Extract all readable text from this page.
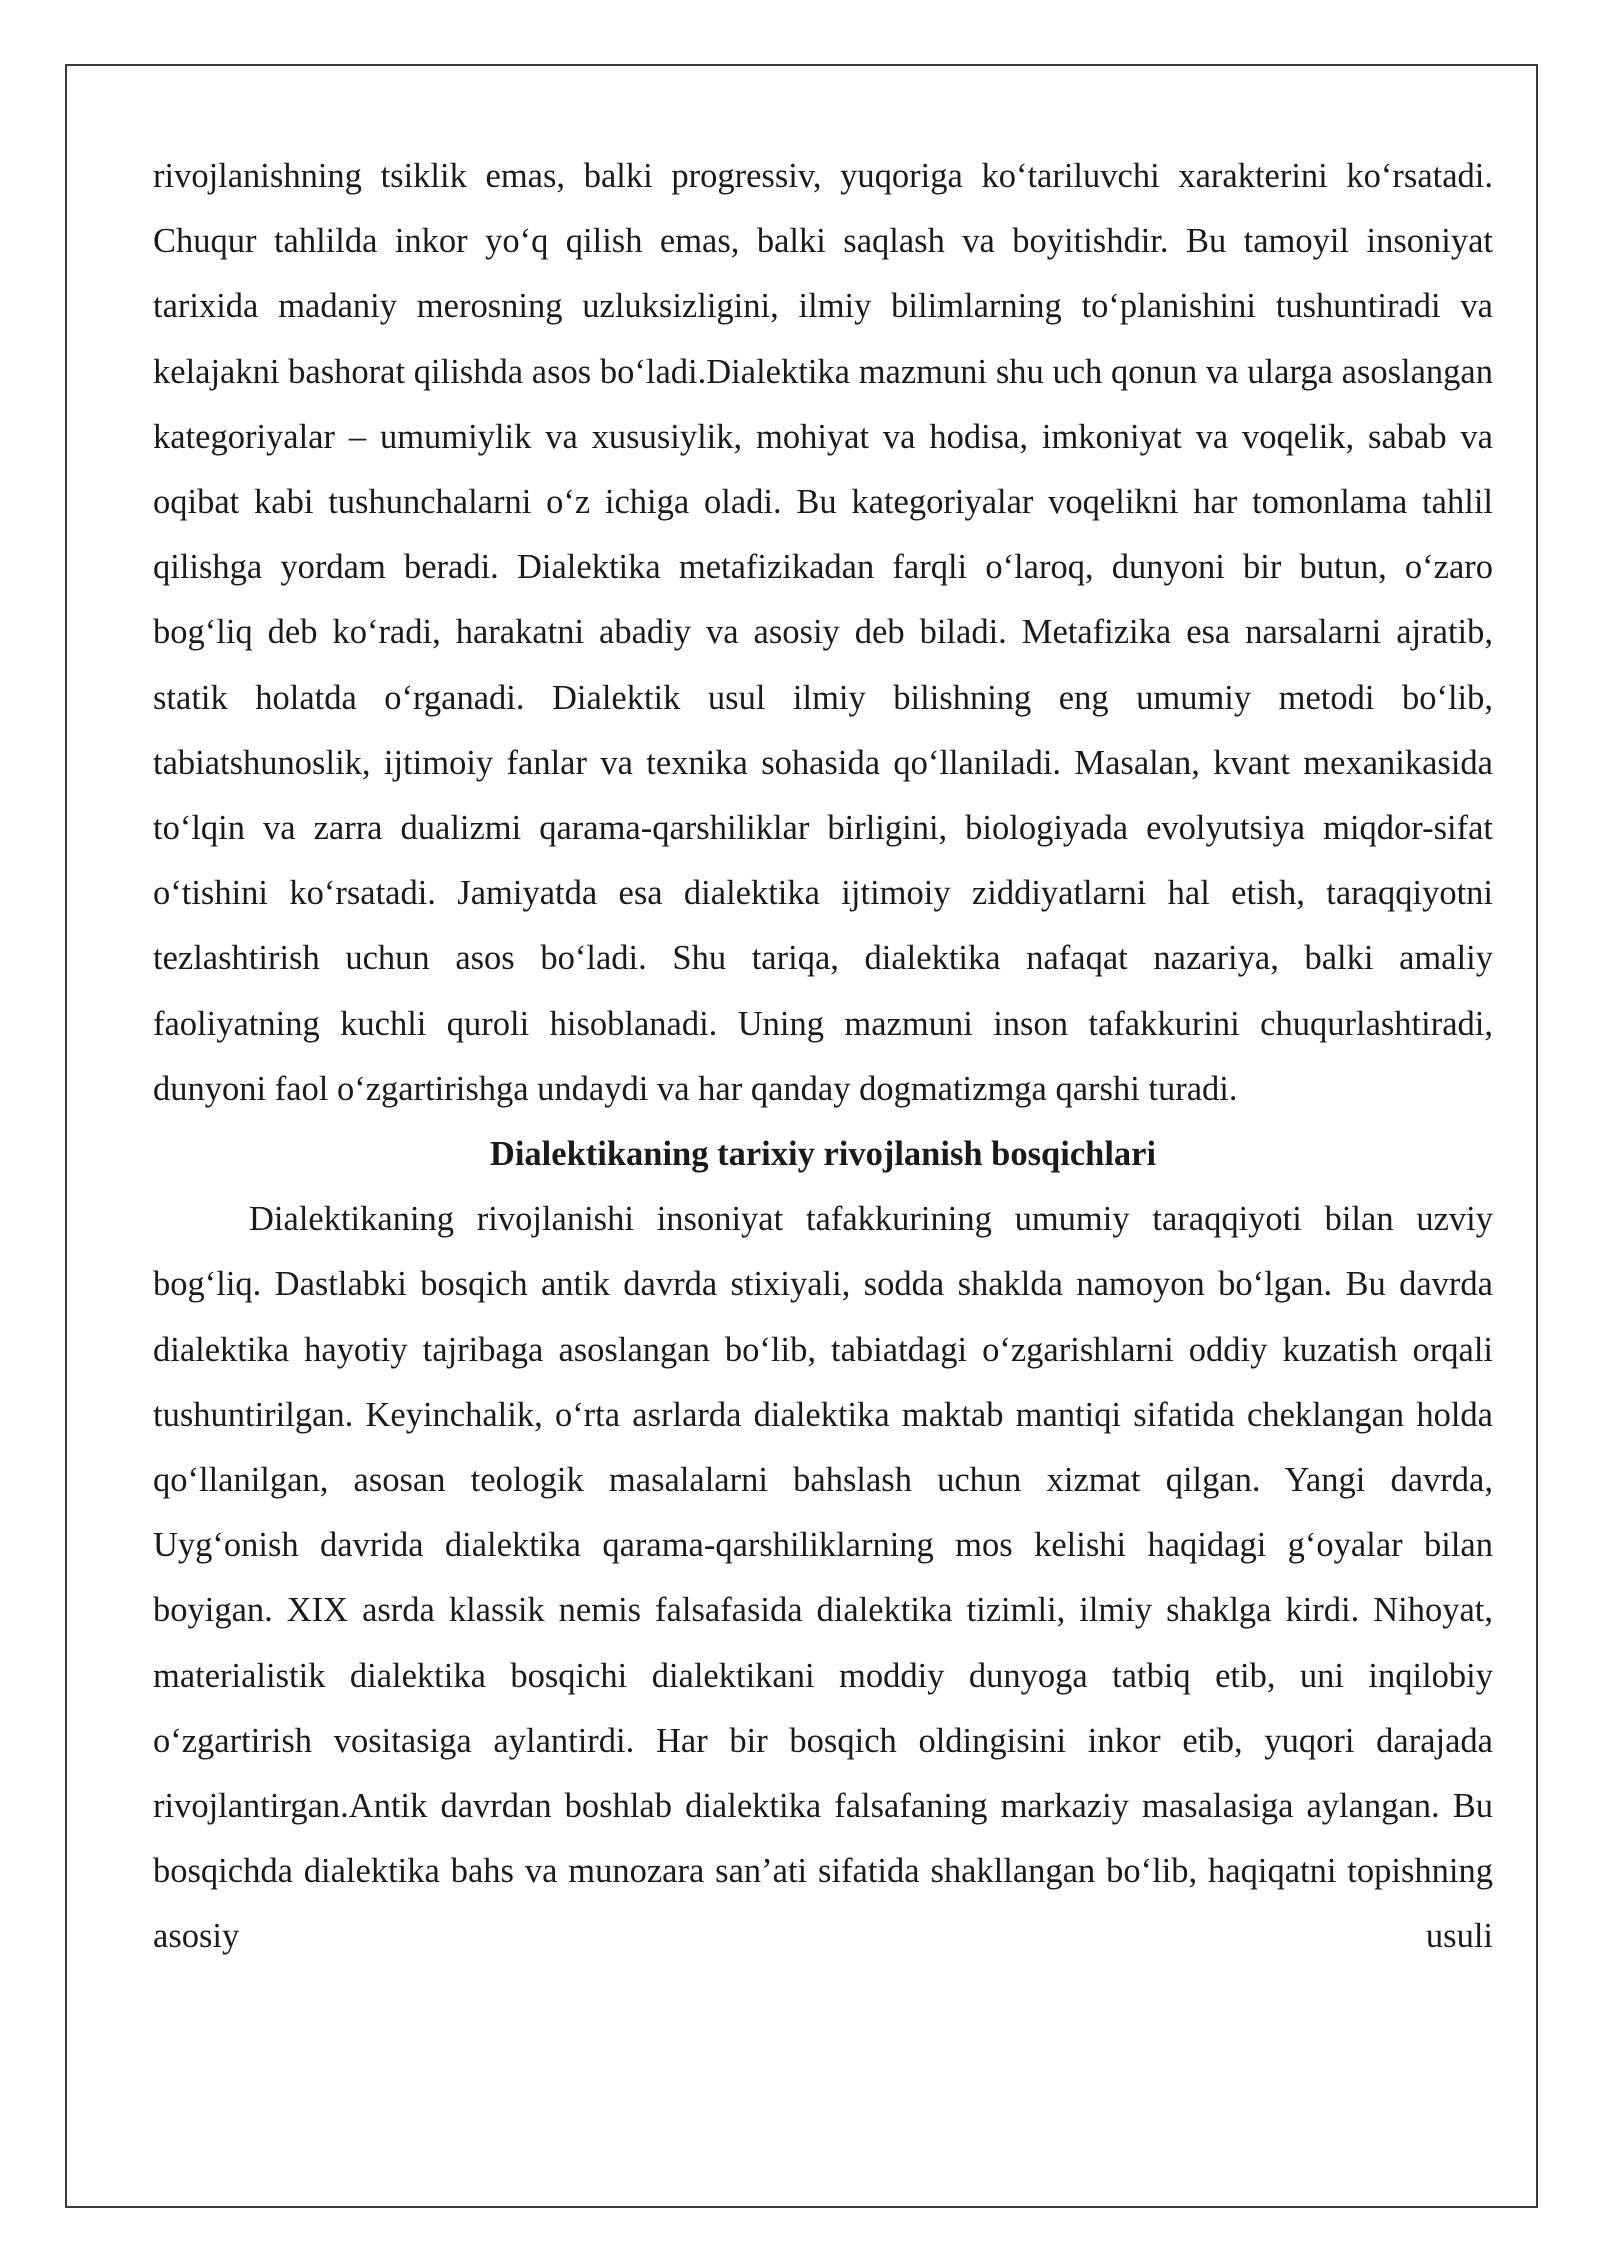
rivojlanishning tsiklik emas, balki progressiv, yuqoriga koʻtariluvchi xarakterini koʻrsatadi. Chuqur tahlilda inkor yoʻq qilish emas, balki saqlash va boyitishdir. Bu tamoyil insoniyat tarixida madaniy merosning uzluksizligini, ilmiy bilimlarning toʻplanishini tushuntiradi va kelajakni bashorat qilishda asos boʻladi.Dialektika mazmuni shu uch qonun va ularga asoslangan kategoriyalar – umumiylik va xususiylik, mohiyat va hodisa, imkoniyat va voqelik, sabab va oqibat kabi tushunchalarni oʻz ichiga oladi. Bu kategoriyalar voqelikni har tomonlama tahlil qilishga yordam beradi. Dialektika metafizikadan farqli oʻlaroq, dunyoni bir butun, oʻzaro bogʻliq deb koʻradi, harakatni abadiy va asosiy deb biladi. Metafizika esa narsalarni ajratib, statik holatda oʻrganadi. Dialektik usul ilmiy bilishning eng umumiy metodi boʻlib, tabiatshunoslik, ijtimoiy fanlar va texnika sohasida qoʻllaniladi. Masalan, kvant mexanikasida toʻlqin va zarra dualizmi qarama-qarshiliklar birligini, biologiyada evolyutsiya miqdor-sifat oʻtishini koʻrsatadi. Jamiyatda esa dialektika ijtimoiy ziddiyatlarni hal etish, taraqqiyotni tezlashtirish uchun asos boʻladi. Shu tariqa, dialektika nafaqat nazariya, balki amaliy faoliyatning kuchli quroli hisoblanadi. Uning mazmuni inson tafakkurini chuqurlashtiradi, dunyoni faol oʻzgartirishga undaydi va har qanday dogmatizmga qarshi turadi.

Dialektikaning tarixiy rivojlanish bosqichlari

Dialektikaning rivojlanishi insoniyat tafakkurining umumiy taraqqiyoti bilan uzviy bogʻliq. Dastlabki bosqich antik davrda stixiyali, sodda shaklda namoyon boʻlgan. Bu davrda dialektika hayotiy tajribaga asoslangan boʻlib, tabiatdagi oʻzgarishlarni oddiy kuzatish orqali tushuntirilgan. Keyinchalik, oʻrta asrlarda dialektika maktab mantiqi sifatida cheklangan holda qoʻllanilgan, asosan teologik masalalarni bahslash uchun xizmat qilgan. Yangi davrda, Uygʻonish davrida dialektika qarama-qarshiliklarning mos kelishi haqidagi gʻoyalar bilan boyigan. XIX asrda klassik nemis falsafasida dialektika tizimli, ilmiy shaklga kirdi. Nihoyat, materialistik dialektika bosqichi dialektikani moddiy dunyoga tatbiq etib, uni inqilobiy oʻzgartirish vositasiga aylantirdi. Har bir bosqich oldingisini inkor etib, yuqori darajada rivojlantirgan.Antik davrdan boshlab dialektika falsafaning markaziy masalasiga aylangan. Bu bosqichda dialektika bahs va munozara san’ati sifatida shakllangan boʻlib, haqiqatni topishning asosiy usuli
